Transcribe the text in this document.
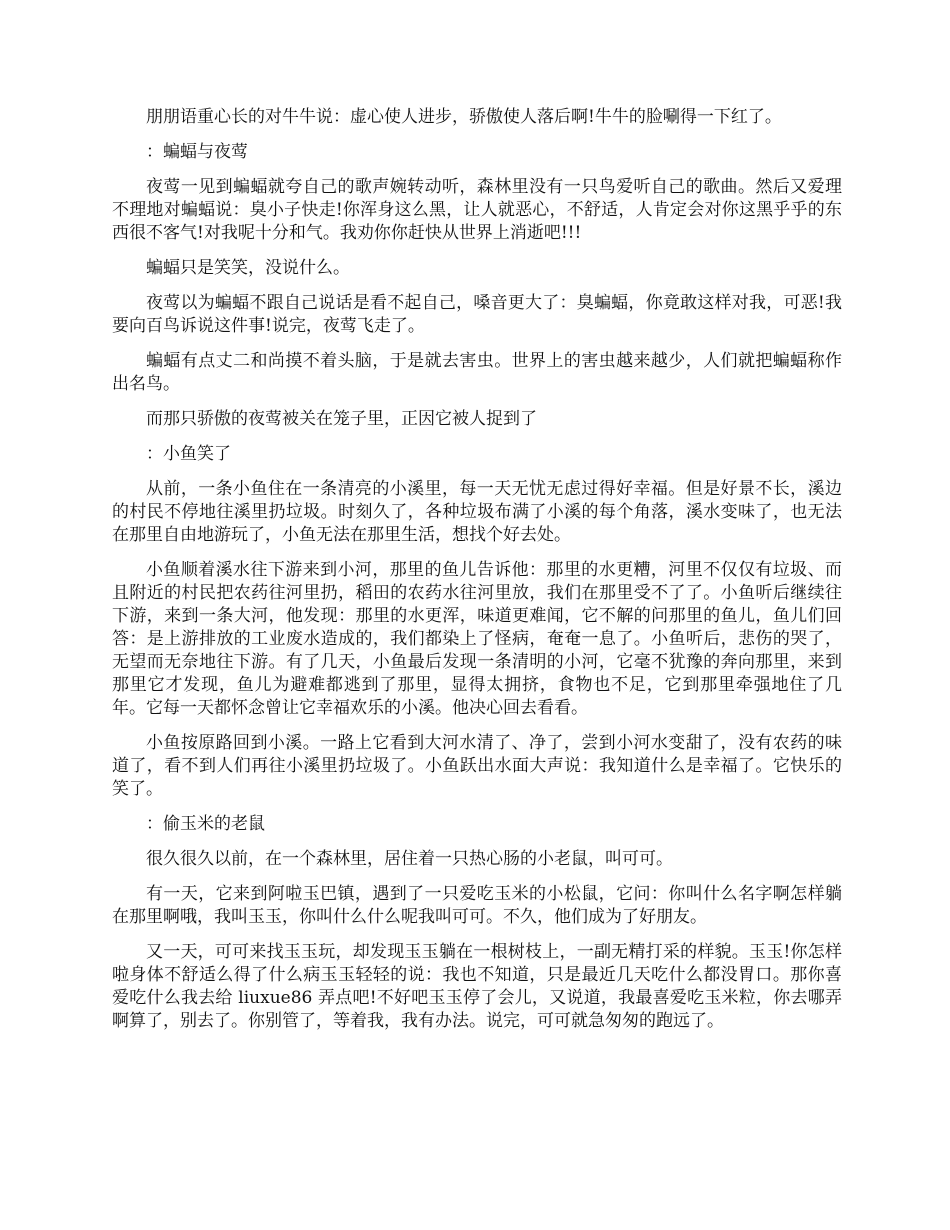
朋朋语重心长的对牛牛说：虚心使人进步，骄傲使人落后啊!牛牛的脸唰得一下红了。

：蝙蝠与夜莺

夜莺一见到蝙蝠就夸自己的歌声婉转动听，森林里没有一只鸟爱听自己的歌曲。然后又爱理不理地对蝙蝠说：臭小子快走!你浑身这么黑，让人就恶心，不舒适，人肯定会对你这黑乎乎的东西很不客气!对我呢十分和气。我劝你你赶快从世界上消逝吧!!!

蝙蝠只是笑笑，没说什么。

夜莺以为蝙蝠不跟自己说话是看不起自己，嗓音更大了：臭蝙蝠，你竟敢这样对我，可恶!我要向百鸟诉说这件事!说完，夜莺飞走了。

蝙蝠有点丈二和尚摸不着头脑，于是就去害虫。世界上的害虫越来越少，人们就把蝙蝠称作出名鸟。

而那只骄傲的夜莺被关在笼子里，正因它被人捉到了

：小鱼笑了

从前，一条小鱼住在一条清亮的小溪里，每一天无忧无虑过得好幸福。但是好景不长，溪边的村民不停地往溪里扔垃圾。时刻久了，各种垃圾布满了小溪的每个角落，溪水变味了，也无法在那里自由地游玩了，小鱼无法在那里生活，想找个好去处。

小鱼顺着溪水往下游来到小河，那里的鱼儿告诉他：那里的水更糟，河里不仅仅有垃圾、而且附近的村民把农药往河里扔，稻田的农药水往河里放，我们在那里受不了了。小鱼听后继续往下游，来到一条大河，他发现：那里的水更浑，味道更难闻，它不解的问那里的鱼儿，鱼儿们回答：是上游排放的工业废水造成的，我们都染上了怪病，奄奄一息了。小鱼听后，悲伤的哭了，无望而无奈地往下游。有了几天，小鱼最后发现一条清明的小河，它毫不犹豫的奔向那里，来到那里它才发现，鱼儿为避难都逃到了那里，显得太拥挤，食物也不足，它到那里牵强地住了几年。它每一天都怀念曾让它幸福欢乐的小溪。他决心回去看看。

小鱼按原路回到小溪。一路上它看到大河水清了、净了，尝到小河水变甜了，没有农药的味道了，看不到人们再往小溪里扔垃圾了。小鱼跃出水面大声说：我知道什么是幸福了。它快乐的笑了。

：偷玉米的老鼠

很久很久以前，在一个森林里，居住着一只热心肠的小老鼠，叫可可。

有一天，它来到阿啦玉巴镇，遇到了一只爱吃玉米的小松鼠，它问：你叫什么名字啊怎样躺在那里啊哦，我叫玉玉，你叫什么什么呢我叫可可。不久，他们成为了好朋友。

又一天，可可来找玉玉玩，却发现玉玉躺在一根树枝上，一副无精打采的样貌。玉玉!你怎样啦身体不舒适么得了什么病玉玉轻轻的说：我也不知道，只是最近几天吃什么都没胃口。那你喜爱吃什么我去给 liuxue86 弄点吧!不好吧玉玉停了会儿，又说道，我最喜爱吃玉米粒，你去哪弄啊算了，别去了。你别管了，等着我，我有办法。说完，可可就急匆匆的跑远了。
